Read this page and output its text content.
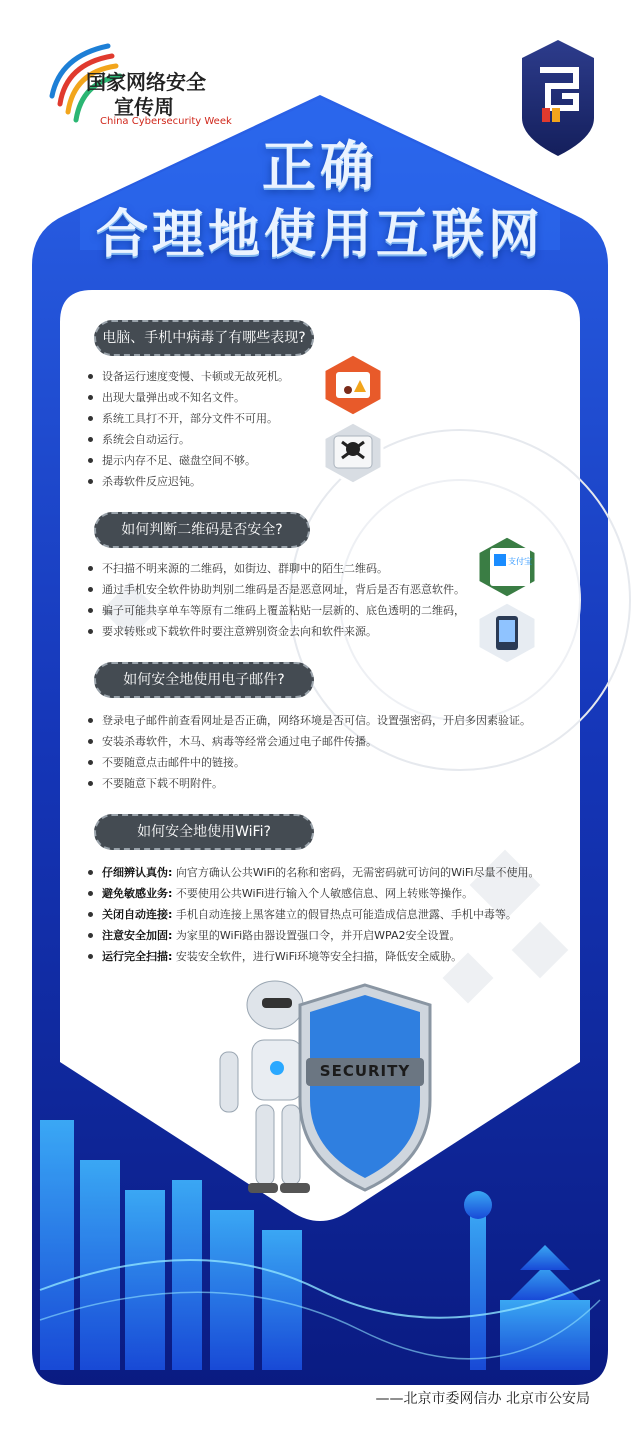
国家网络安全
宣传周
China Cybersecurity Week
正确
合理地使用互联网
电脑、手机中病毒了有哪些表现?
设备运行速度变慢、卡顿或无故死机。
出现大量弹出或不知名文件。
系统工具打不开，部分文件不可用。
系统会自动运行。
提示内存不足、磁盘空间不够。
杀毒软件反应迟钝。
如何判断二维码是否安全?
不扫描不明来源的二维码，如街边、群聊中的陌生二维码。
通过手机安全软件协助判别二维码是否是恶意网址，背后是否有恶意软件。
骗子可能共享单车等原有二维码上覆盖粘贴一层新的、底色透明的二维码，
要求转账或下载软件时要注意辨别资金去向和软件来源。
支付宝
如何安全地使用电子邮件?
登录电子邮件前查看网址是否正确，网络环境是否可信。设置强密码，开启多因素验证。
安装杀毒软件，木马、病毒等经常会通过电子邮件传播。
不要随意点击邮件中的链接。
不要随意下载不明附件。
如何安全地使用WiFi?
仔细辨认真伪: 向官方确认公共WiFi的名称和密码，无需密码就可访问的WiFi尽量不使用。
避免敏感业务: 不要使用公共WiFi进行输入个人敏感信息、网上转账等操作。
关闭自动连接: 手机自动连接上黑客建立的假冒热点可能造成信息泄露、手机中毒等。
注意安全加固: 为家里的WiFi路由器设置强口令，并开启WPA2安全设置。
运行完全扫描: 安装安全软件，进行WiFi环境等安全扫描，降低安全威胁。
SECURITY
——北京市委网信办 北京市公安局
